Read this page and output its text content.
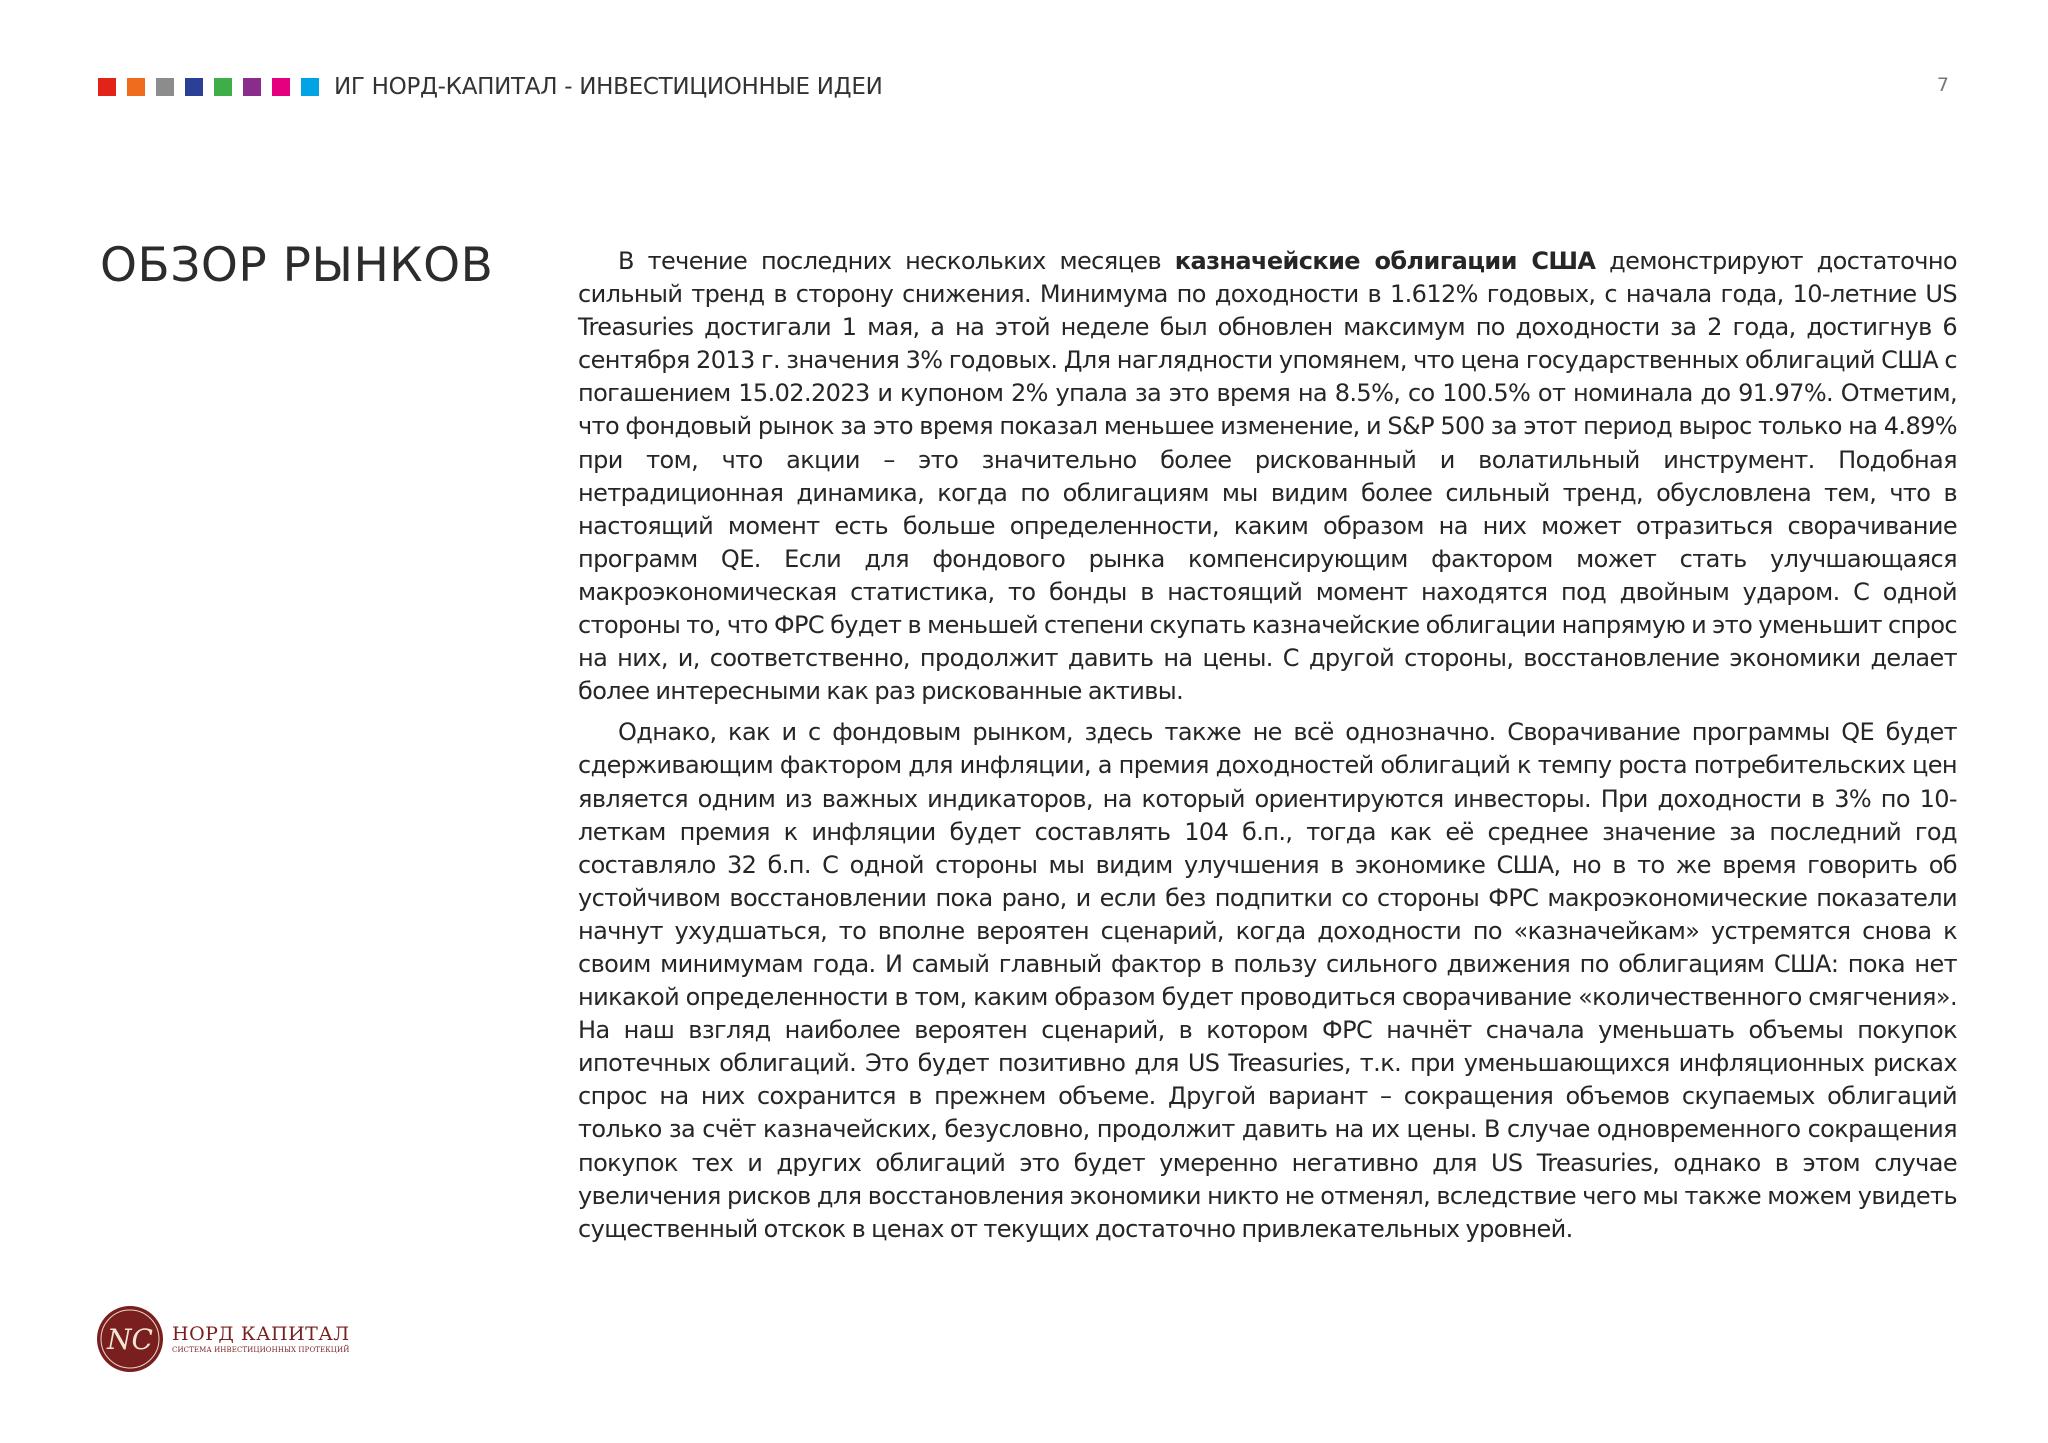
ИГ НОРД-КАПИТАЛ - ИНВЕСТИЦИОННЫЕ ИДЕИ	7
ОБЗОР РЫНКОВ	В течение последних нескольких месяцев казначейские облигации США демонстрируют достаточно сильный тренд в сторону снижения. Минимума по доходности в 1.612% годовых, с начала года, 10-летние US Treasuries достигали 1 мая, а на этой неделе был обновлен максимум по доходности за 2 года, достигнув 6 сентября 2013 г. значения 3% годовых. Для наглядности упомянем, что цена государственных облигаций США с погашением 15.02.2023 и купоном 2% упала за это время на 8.5%, со 100.5% от номинала до 91.97%. Отметим, что фондовый рынок за это время показал меньшее изменение, и S&P 500 за этот период вырос только на 4.89% при том, что акции – это значительно более рискованный и волатильный инструмент. Подобная нетрадиционная динамика, когда по облигациям мы видим более сильный тренд, обусловлена тем, что в настоящий момент есть больше определенности, каким образом на них может отразиться сворачивание программ QE. Если для фондового рынка компенсирующим фактором может стать улучшающаяся макроэкономическая статистика, то бонды в настоящий момент находятся под двойным ударом. С одной стороны то, что ФРС будет в меньшей степени скупать казначейские облигации напрямую и это уменьшит спрос на них, и, соответственно, продолжит давить на цены. С другой стороны, восстановление экономики делает более интересными как раз рискованные активы.

Однако, как и с фондовым рынком, здесь также не всё однозначно. Сворачивание программы QE будет сдерживающим фактором для инфляции, а премия доходностей облигаций к темпу роста потребительских цен является одним из важных индикаторов, на который ориентируются инвесторы. При доходности в 3% по 10-леткам премия к инфляции будет составлять 104 б.п., тогда как её среднее значение за последний год составляло 32 б.п. С одной стороны мы видим улучшения в экономике США, но в то же время говорить об устойчивом восстановлении пока рано, и если без подпитки со стороны ФРС макроэкономические показатели начнут ухудшаться, то вполне вероятен сценарий, когда доходности по «казначейкам» устремятся снова к своим минимумам года. И самый главный фактор в пользу сильного движения по облигациям США: пока нет никакой определенности в том, каким образом будет проводиться сворачивание «количественного смягчения». На наш взгляд наиболее вероятен сценарий, в котором ФРС начнёт сначала уменьшать объемы покупок ипотечных облигаций. Это будет позитивно для US Treasuries, т.к. при уменьшающихся инфляционных рисках спрос на них сохранится в прежнем объеме. Другой вариант – сокращения объемов скупаемых облигаций только за счёт казначейских, безусловно, продолжит давить на их цены. В случае одновременного сокращения покупок тех и других облигаций это будет умеренно негативно для US Treasuries, однако в этом случае увеличения рисков для восстановления экономики никто не отменял, вследствие чего мы также можем увидеть существенный отскок в ценах от текущих достаточно привлекательных уровней.

NC НОРД КАПИТАЛ
СИСТЕМА ИНВЕСТИЦИОННЫХ ПРОТЕКЦИЙ
